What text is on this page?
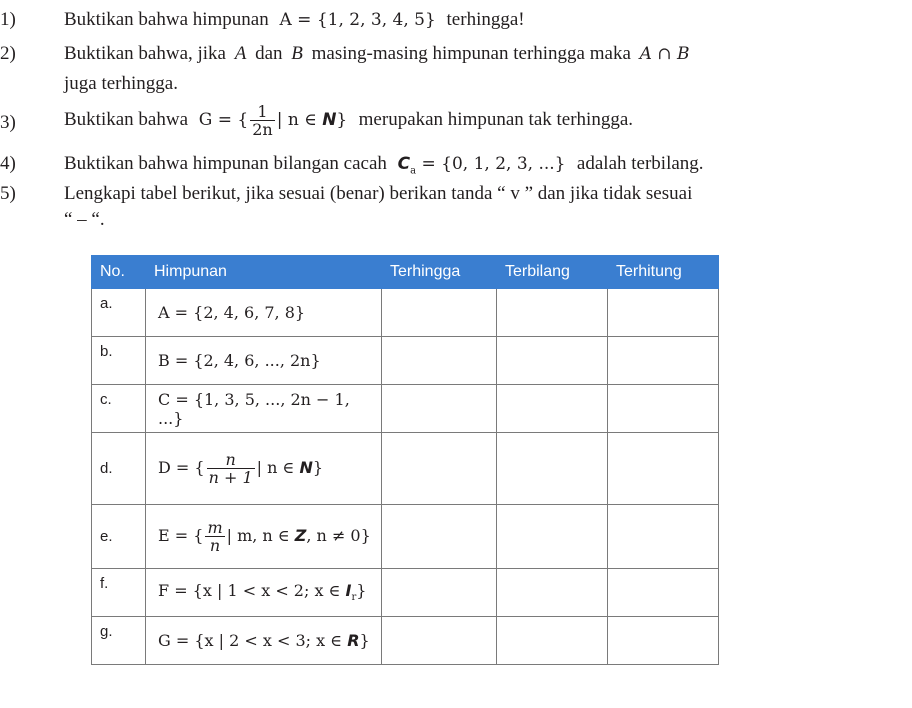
1)	Buktikan bahwa himpunan A = {1, 2, 3, 4, 5} terhingga!
2)	Buktikan bahwa, jika A dan B masing-masing himpunan terhingga maka A ∩ B
juga terhingga.
3)	Buktikan bahwa G = { $\frac{1}{2n}$ | n ∈ N} merupakan himpunan tak terhingga.
4)	Buktikan bahwa himpunan bilangan cacah $C_a = \{0$, 1, 2, 3, ...} adalah terbilang.
5)	Lengkapi tabel berikut, jika sesuai (benar) berikan tanda “ v ” dan jika tidak sesuai
“ – “.
No.	Himpunan	Terhingga	Terbilang	Terhitung
a.	A = {2, 4, 6, 7, 8}			
b.	B = {2, 4, 6, ..., 2n}			
c.	C = {1, 3, 5, ..., 2n − 1, ...}			
d.	D = { $\frac{n}{n + 1}$ | n ∈ N}			
e.	E = { $\frac{m}{n}$ | m, n ∈ Z, n ≠ 0}			
f.	F = {x | 1 < x < 2; x ∈ $I_r$}			
g.	G = {x | 2 < x < 3; x ∈ R}			
